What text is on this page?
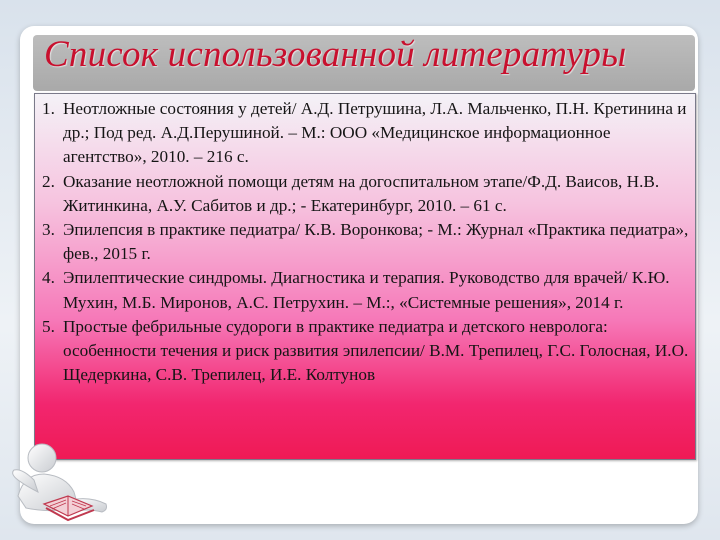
Список использованной литературы
1. Неотложные состояния у детей/ А.Д. Петрушина, Л.А. Мальченко, П.Н. Кретинина и др.; Под ред. А.Д.Перушиной. – М.: ООО «Медицинское информационное агентство», 2010. – 216 с.
2. Оказание неотложной помощи детям на догоспитальном этапе/Ф.Д. Ваисов, Н.В. Житинкина, А.У. Сабитов и др.; - Екатеринбург, 2010. – 61 с.
3. Эпилепсия в практике педиатра/ К.В. Воронкова; - М.: Журнал «Практика педиатра», фев., 2015 г.
4. Эпилептические синдромы. Диагностика и терапия. Руководство для врачей/ К.Ю. Мухин, М.Б. Миронов, А.С. Петрухин. – М.:, «Системные решения», 2014 г.
5. Простые фебрильные судороги в практике педиатра и детского невролога: особенности течения и риск развития эпилепсии/ В.М. Трепилец, Г.С. Голосная, И.О. Щедеркина, С.В. Трепилец, И.Е. Колтунов
